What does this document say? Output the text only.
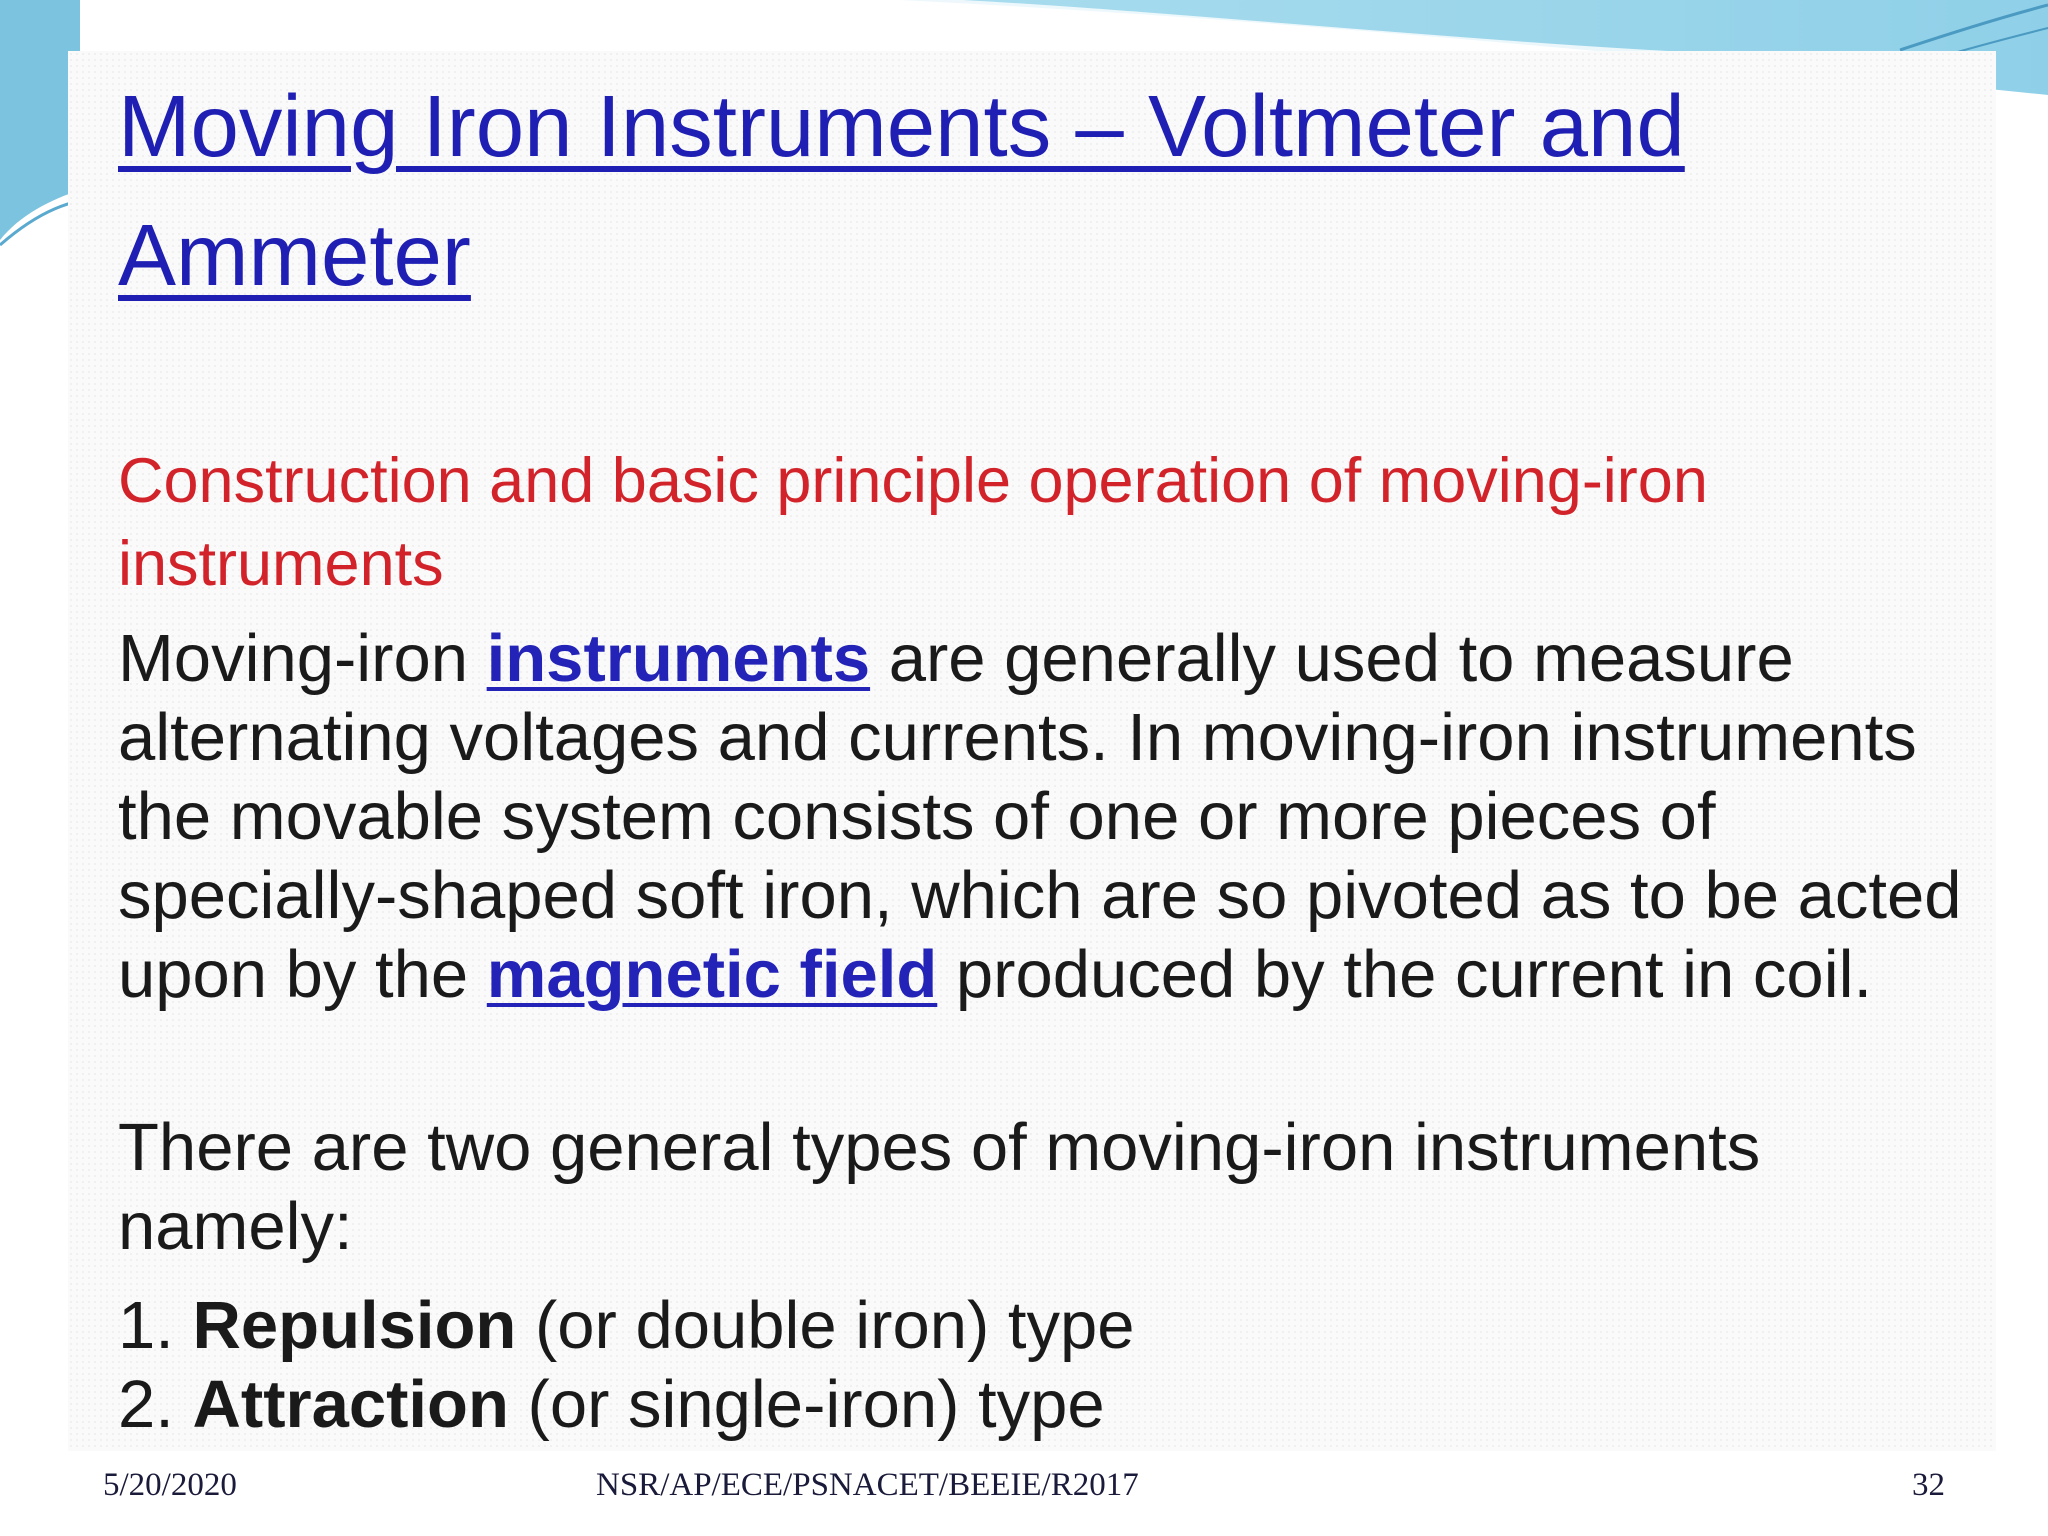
Moving Iron Instruments – Voltmeter and Ammeter

Construction and basic principle operation of moving-iron instruments

Moving-iron instruments are generally used to measure alternating voltages and currents. In moving-iron instruments the movable system consists of one or more pieces of specially-shaped soft iron, which are so pivoted as to be acted upon by the magnetic field produced by the current in coil.

There are two general types of moving-iron instruments namely:

1. Repulsion (or double iron) type
2. Attraction (or single-iron) type
5/20/2020	NSR/AP/ECE/PSNACET/BEEIE/R2017	32
